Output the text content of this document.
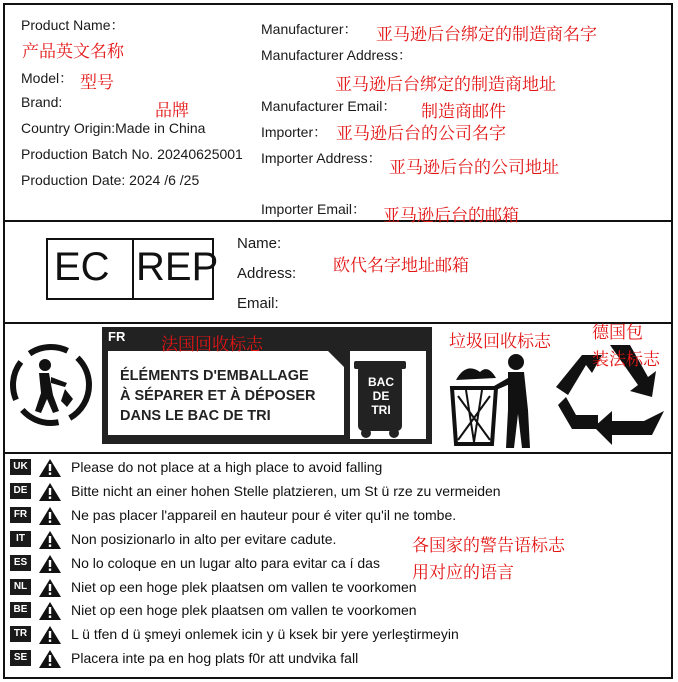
Product Name：
产品英文名称
Model： 型号
Brand:	品牌
Country Origin:Made in China
Production Batch No. 20240625001
Production Date: 2024 /6 /25
Manufacturer： 亚马逊后台绑定的制造商名字
Manufacturer Address：
亚马逊后台绑定的制造商地址
Manufacturer Email： 制造商邮件
Importer： 亚马逊后台的公司名字
Importer Address： 亚马逊后台的公司地址
Importer Email： 亚马逊后台的邮箱
EC REP
Name:
Address:
Email:
欧代名字地址邮箱
FR
ÉLÉMENTS D'EMBALLAGE
À SÉPARER ET À DÉPOSER
DANS LE BAC DE TRI
BAC
DE
TRI
法国回收标志	垃圾回收标志 德国包
装法标志
UK	Please do not place at a high place to avoid falling
DE	Bitte nicht an einer hohen Stelle platzieren, um St ü rze zu vermeiden
FR	Ne pas placer l'appareil en hauteur pour é viter qu'il ne tombe.
IT	Non posizionarlo in alto per evitare cadute.
ES	No lo coloque en un lugar alto para evitar ca í das
NL	Niet op een hoge plek plaatsen om vallen te voorkomen
BE	Niet op een hoge plek plaatsen om vallen te voorkomen
TR	L ü tfen d ü şmeyi onlemek icin y ü ksek bir yere yerleştirmeyin
SE	Placera inte pa en hog plats f0r att undvika fall
各国家的警告语标志
用对应的语言
